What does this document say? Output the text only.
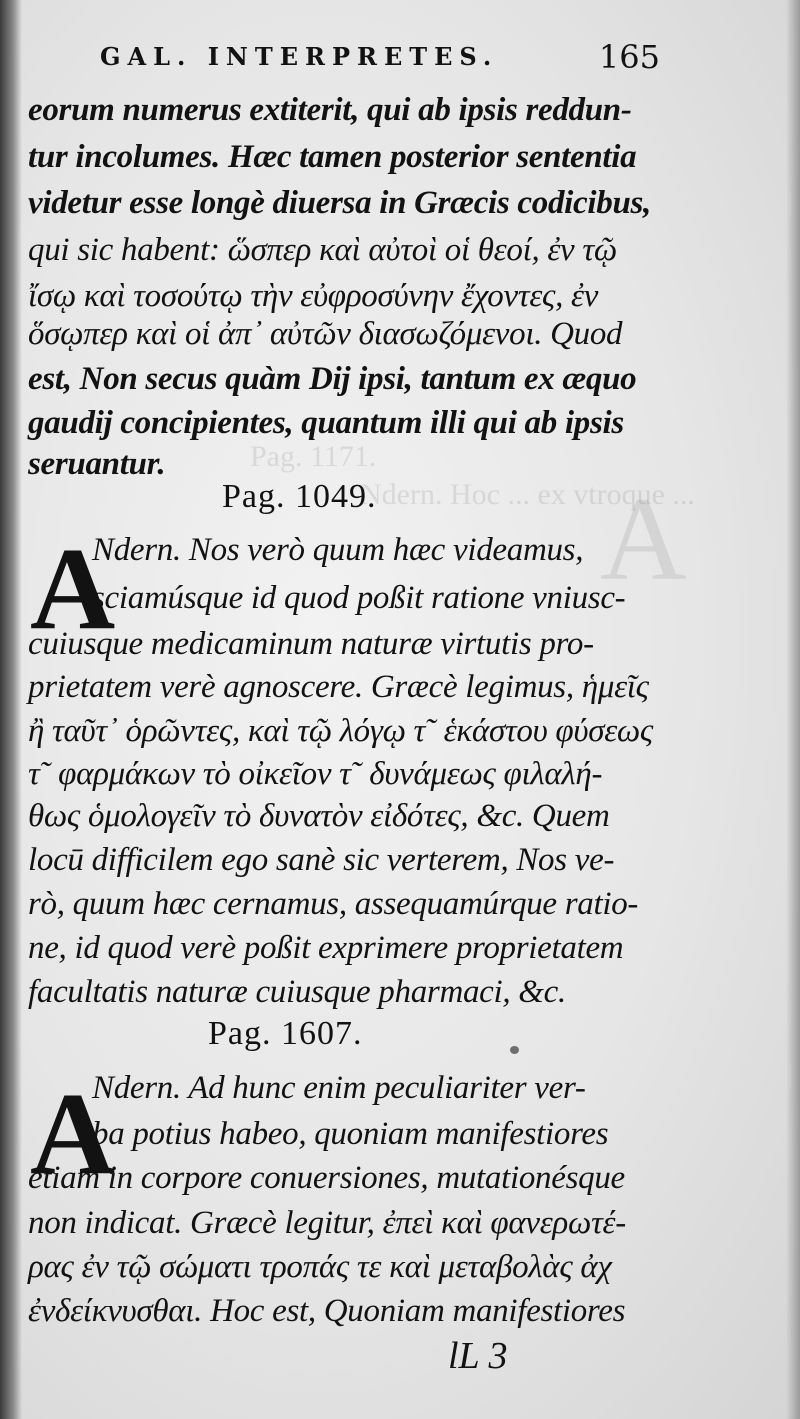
Pag. 1171.
Ndern. Hoc ... ex vtroque ...
A
GAL. INTERPRETES.	165
eorum numerus extiterit, qui ab ipsis reddun-
tur incolumes. Hæc tamen posterior sententia
videtur esse longè diuersa in Græcis codicibus,
qui sic habent: ὥσπερ καὶ αὐτοὶ οἱ θεοί, ἐν τῷ
ἴσῳ καὶ τοσούτῳ τὴν εὐφροσύνην ἔχοντες, ἐν
ὅσῳπερ καὶ οἱ ἀπ᾽ αὐτῶν διασωζόμενοι. Quod
est, Non secus quàm Dij ipsi, tantum ex æquo
gaudij concipientes, quantum illi qui ab ipsis
seruantur.
Pag. 1049.
A
Ndern. Nos verò quum hæc videamus,
sciamúsque id quod poßit ratione vniusc-
cuiusque medicaminum naturæ virtutis pro-
prietatem verè agnoscere. Græcè legimus, ἡμεῖς
ἢ ταῦτ᾽ ὁρῶντες, καὶ τῷ λόγῳ τ῀ ἑκάστου φύσεως
τ῀ φαρμάκων τὸ οἰκεῖον τ῀ δυνάμεως φιλαλή-
θως ὁμολογεῖν τὸ δυνατὸν εἰδότες, &c. Quem
locū difficilem ego sanè sic verterem, Nos ve-
rò, quum hæc cernamus, assequamúrque ratio-
ne, id quod verè poßit exprimere proprietatem
facultatis naturæ cuiusque pharmaci, &c.
Pag. 1607.
A
Ndern. Ad hunc enim peculiariter ver-
ba potius habeo, quoniam manifestiores
etiam in corpore conuersiones, mutationésque
non indicat. Græcè legitur, ἐπεὶ καὶ φανερωτέ-
ρας ἐν τῷ σώματι τροπάς τε καὶ μεταβολὰς ἀχ
ἐνδείκνυσθαι. Hoc est, Quoniam manifestiores
lL 3
